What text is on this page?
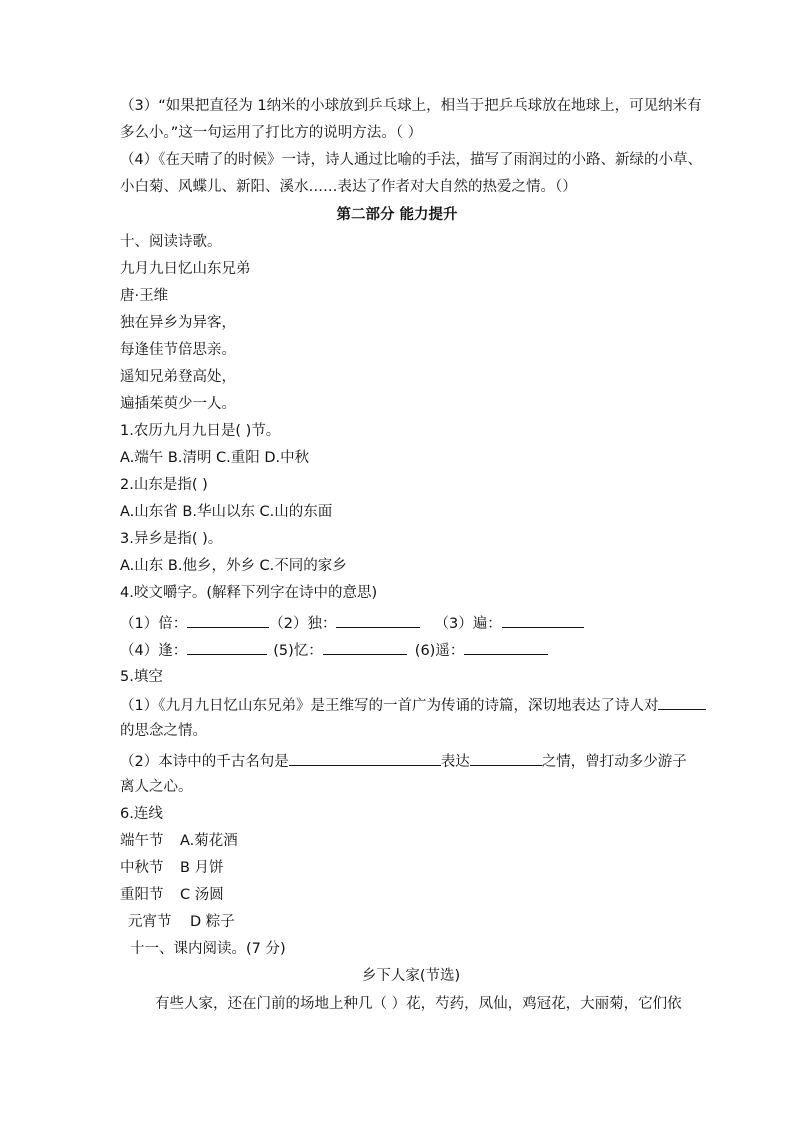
（3）“如果把直径为 1纳米的小球放到乒乓球上，相当于把乒乓球放在地球上，可见纳米有
多么小。”这一句运用了打比方的说明方法。（ ）
（4）《在天晴了的时候》一诗，诗人通过比喻的手法，描写了雨润过的小路、新绿的小草、
小白菊、风蝶儿、新阳、溪水……表达了作者对大自然的热爱之情。（）
第二部分 能力提升
十、阅读诗歌。
九月九日忆山东兄弟
唐·王维
独在异乡为异客，
每逢佳节倍思亲。
遥知兄弟登高处，
遍插茱萸少一人。
1.农历九月九日是( )节。
A.端午 B.清明 C.重阳 D.中秋
2.山东是指( )
A.山东省 B.华山以东 C.山的东面
3.异乡是指( )。
A.山东 B.他乡，外乡 C.不同的家乡
4.咬文嚼字。(解释下列字在诗中的意思)
（1）倍：	（2）独：	（3）遍：
（4）逢：	(5)忆：	(6)遥：
5.填空
（1）《九月九日忆山东兄弟》是王维写的一首广为传诵的诗篇，深切地表达了诗人对
的思念之情。
（2）本诗中的千古名句是	表达	之情，曾打动多少游子
离人之心。
6.连线
端午节 A.菊花酒
中秋节 B 月饼
重阳节 C 汤圆
元宵节 D 粽子
十一、课内阅读。(7 分)
乡下人家(节选)
有些人家，还在门前的场地上种几（ ）花，芍药，凤仙，鸡冠花，大丽菊，它们依
